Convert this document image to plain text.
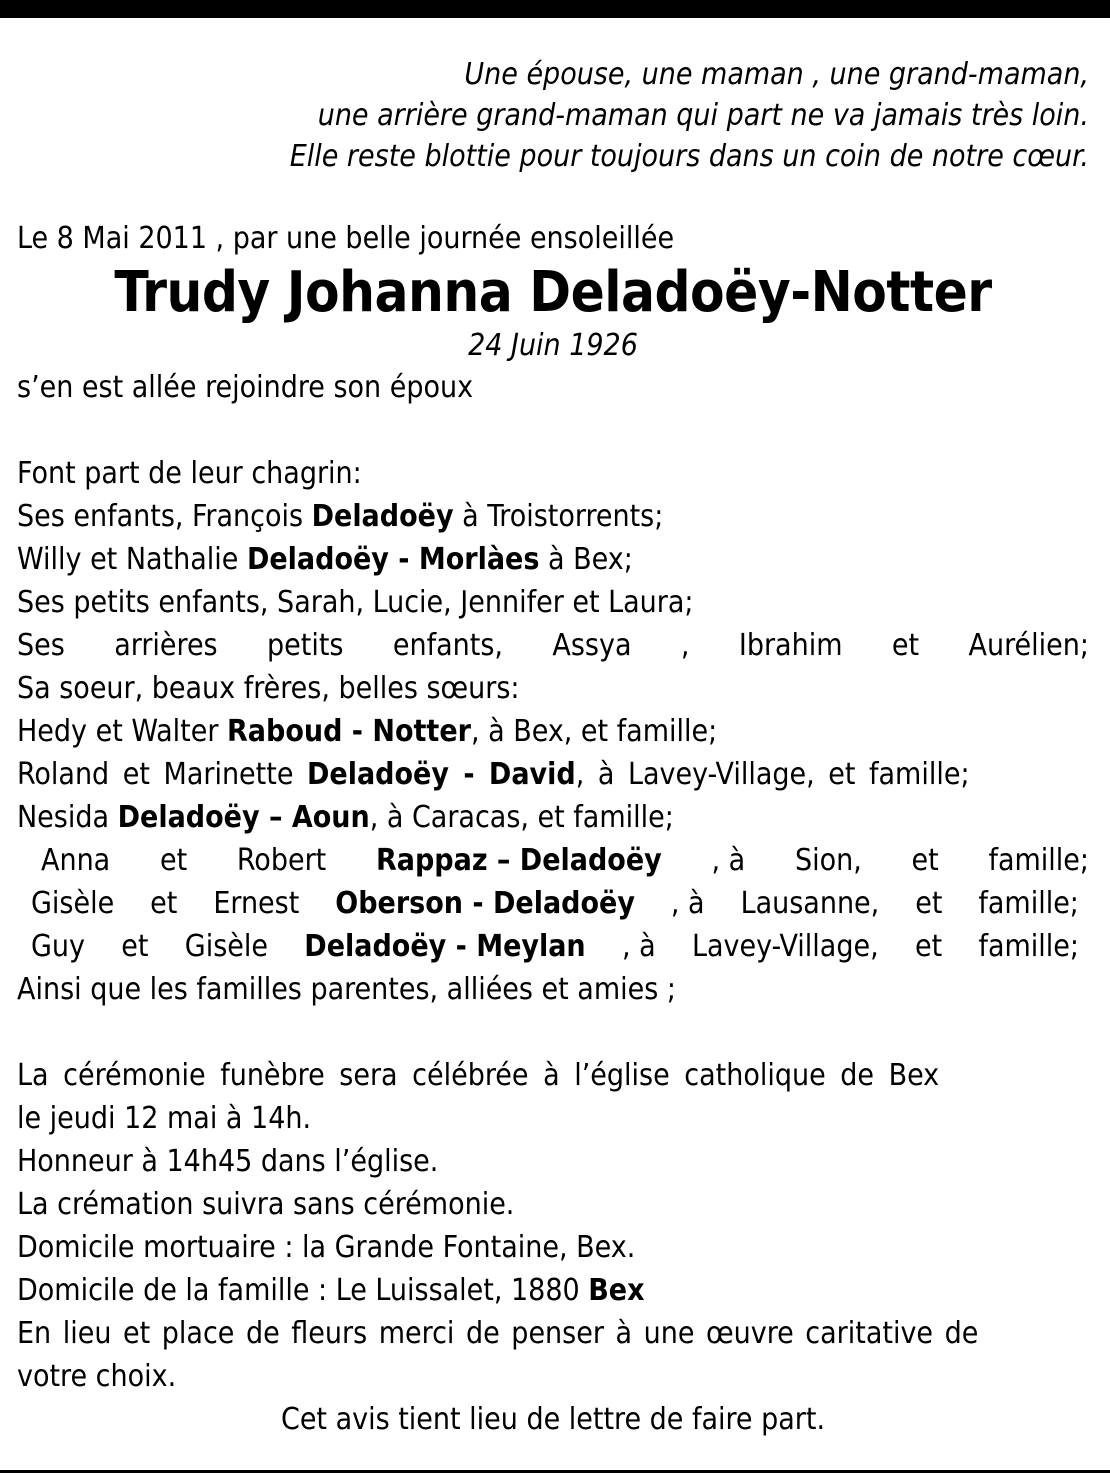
Une épouse, une maman , une grand-maman,
une arrière grand-maman qui part ne va jamais très loin.
Elle reste blottie pour toujours dans un coin de notre cœur.
Le 8 Mai 2011 , par une belle journée ensoleillée
Trudy Johanna Deladoëy-Notter
24 Juin 1926
s’en est allée rejoindre son époux
Font part de leur chagrin:
Ses enfants, François Deladoëy à Troistorrents;
Willy et Nathalie Deladoëy - Morlàes à Bex;
Ses petits enfants, Sarah, Lucie, Jennifer et Laura;
Ses arrières petits enfants, Assya , Ibrahim et Aurélien;
Sa soeur, beaux frères, belles sœurs:
Hedy et Walter Raboud - Notter, à Bex, et famille;
Roland et Marinette Deladoëy - David, à Lavey-Village, et famille;
Nesida Deladoëy – Aoun, à Caracas, et famille;
Anna et Robert Rappaz – Deladoëy , à Sion, et famille;
Gisèle et Ernest Oberson - Deladoëy , à Lausanne, et famille;
Guy et Gisèle Deladoëy - Meylan , à Lavey-Village, et famille;
Ainsi que les familles parentes, alliées et amies ;
La cérémonie funèbre sera célébrée à l’église catholique de Bex
le jeudi 12 mai à 14h.
Honneur à 14h45 dans l’église.
La crémation suivra sans cérémonie.
Domicile mortuaire : la Grande Fontaine, Bex.
Domicile de la famille : Le Luissalet, 1880 Bex
En lieu et place de fleurs merci de penser à une œuvre caritative de
votre choix.
Cet avis tient lieu de lettre de faire part.
